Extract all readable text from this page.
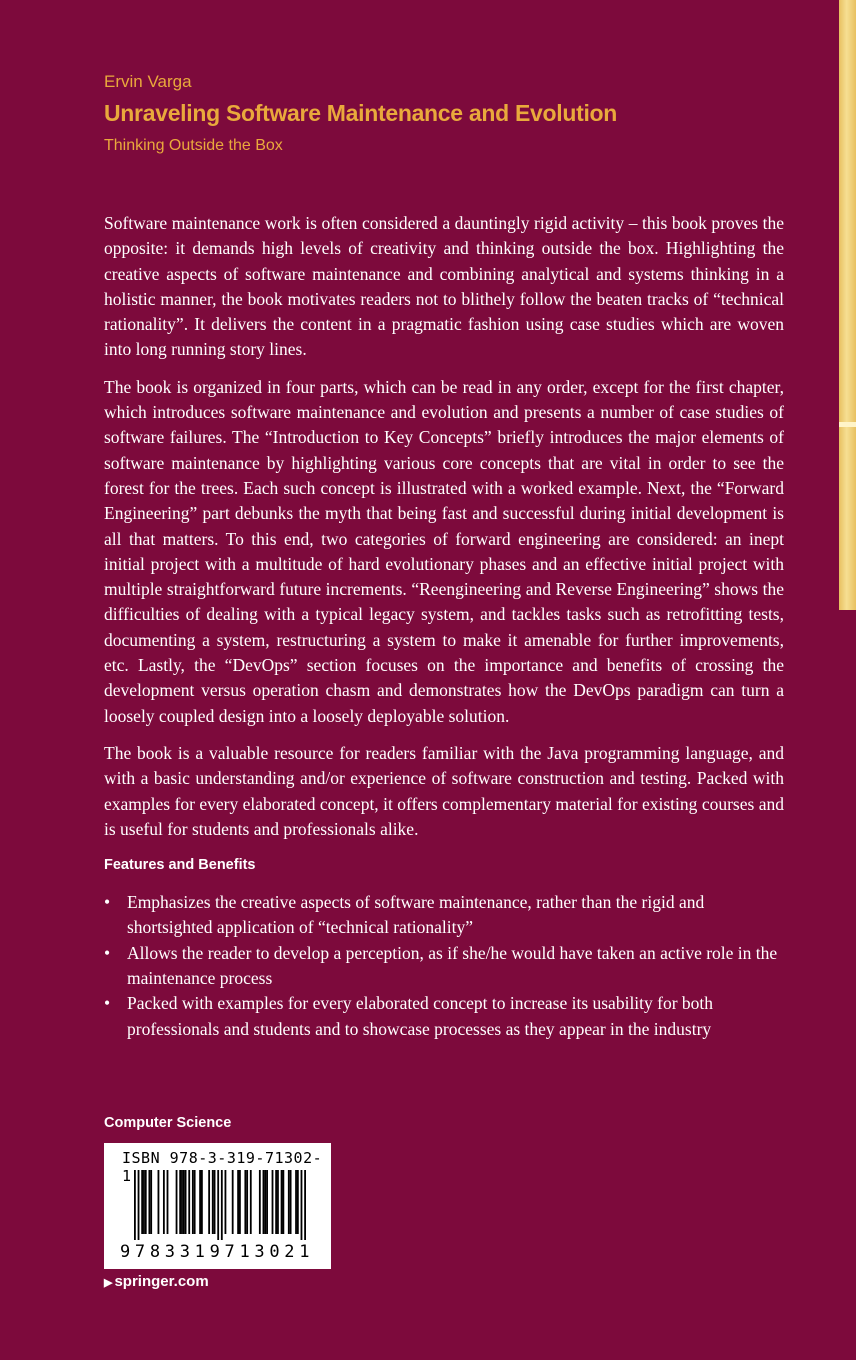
Ervin Varga
Unraveling Software Maintenance and Evolution
Thinking Outside the Box

Software maintenance work is often considered a dauntingly rigid activity – this book proves the opposite: it demands high levels of creativity and thinking outside the box. Highlighting the creative aspects of software maintenance and combining analytical and systems thinking in a holistic manner, the book motivates readers not to blithely follow the beaten tracks of “technical rationality”. It delivers the content in a pragmatic fashion using case studies which are woven into long running story lines.

The book is organized in four parts, which can be read in any order, except for the first chapter, which introduces software maintenance and evolution and presents a number of case studies of software failures. The “Introduction to Key Concepts” briefly introduces the major elements of software maintenance by highlighting various core concepts that are vital in order to see the forest for the trees. Each such concept is illustrated with a worked example. Next, the “Forward Engineering” part debunks the myth that being fast and successful during initial development is all that matters. To this end, two categories of forward engineering are considered: an inept initial project with a multitude of hard evolutionary phases and an effective initial project with multiple straightforward future increments. “Reengineering and Reverse Engineering” shows the difficulties of dealing with a typical legacy system, and tackles tasks such as retrofitting tests, documenting a system, restructuring a system to make it amenable for further improvements, etc. Lastly, the “DevOps” section focuses on the importance and benefits of crossing the development versus operation chasm and demonstrates how the DevOps paradigm can turn a loosely coupled design into a loosely deployable solution.

The book is a valuable resource for readers familiar with the Java programming language, and with a basic understanding and/or experience of software construction and testing. Packed with examples for every elaborated concept, it offers complementary material for existing courses and is useful for students and professionals alike.

Features and Benefits
• Emphasizes the creative aspects of software maintenance, rather than the rigid and shortsighted application of “technical rationality”
• Allows the reader to develop a perception, as if she/he would have taken an active role in the maintenance process
• Packed with examples for every elaborated concept to increase its usability for both professionals and students and to showcase processes as they appear in the industry
Computer Science
ISBN 978-3-319-71302-1
9783319713021
▶ springer.com
